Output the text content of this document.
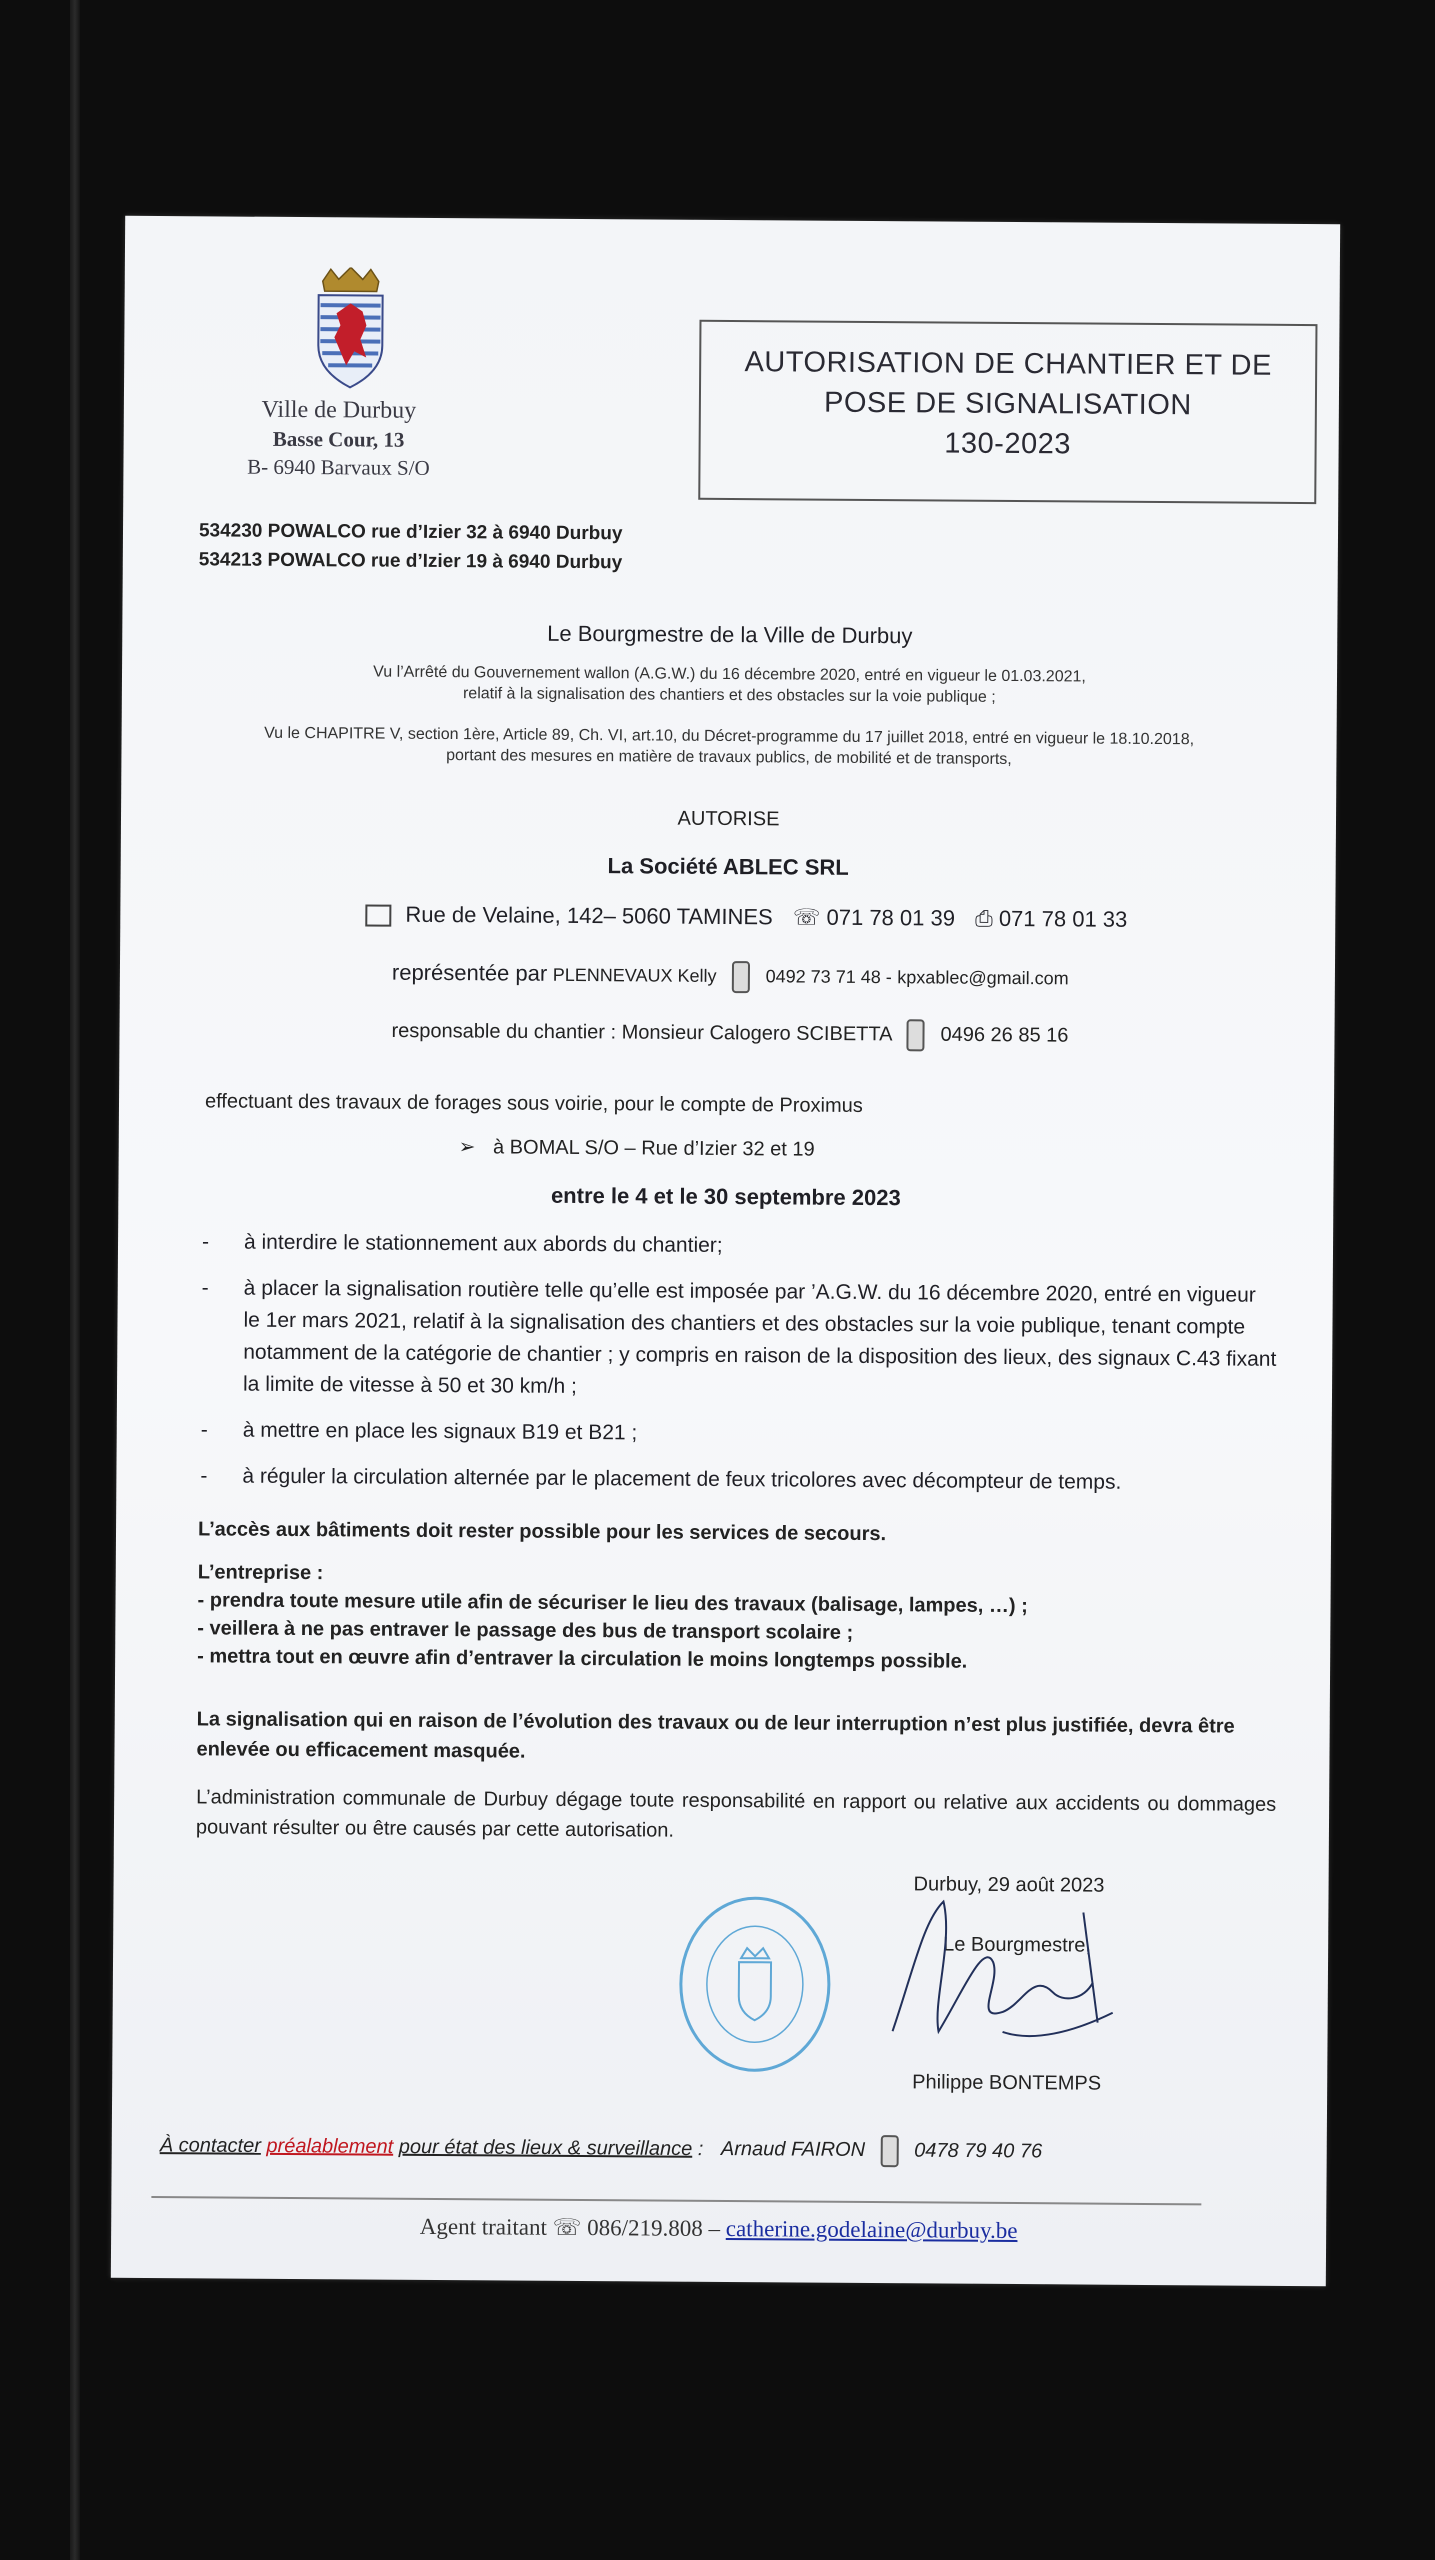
Ville de Durbuy
Basse Cour, 13
B- 6940 Barvaux S/O
AUTORISATION DE CHANTIER ET DE
POSE DE SIGNALISATION
130-2023
534230 POWALCO rue d’Izier 32 à 6940 Durbuy
534213 POWALCO rue d’Izier 19 à 6940 Durbuy
Le Bourgmestre de la Ville de Durbuy
Vu l’Arrêté du Gouvernement wallon (A.G.W.) du 16 décembre 2020, entré en vigueur le 01.03.2021,
relatif à la signalisation des chantiers et des obstacles sur la voie publique ;
Vu le CHAPITRE V, section 1ère, Article 89, Ch. VI, art.10, du Décret-programme du 17 juillet 2018, entré en vigueur le 18.10.2018,
portant des mesures en matière de travaux publics, de mobilité et de transports,
AUTORISE
La Société ABLEC SRL
Rue de Velaine, 142– 5060 TAMINES ☏ 071 78 01 39 ⎙ 071 78 01 33
représentée par PLENNEVAUX Kelly	0492 73 71 48 - kpxablec@gmail.com
responsable du chantier : Monsieur Calogero SCIBETTA 0496 26 85 16
effectuant des travaux de forages sous voirie, pour le compte de Proximus
➢ à BOMAL S/O – Rue d’Izier 32 et 19
entre le 4 et le 30 septembre 2023
- à interdire le stationnement aux abords du chantier;
- à placer la signalisation routière telle qu’elle est imposée par ’A.G.W. du 16 décembre 2020, entré en vigueur le 1er mars 2021, relatif à la signalisation des chantiers et des obstacles sur la voie publique, tenant compte notamment de la catégorie de chantier ; y compris en raison de la disposition des lieux, des signaux C.43 fixant la limite de vitesse à 50 et 30 km/h ;
- à mettre en place les signaux B19 et B21 ;
- à réguler la circulation alternée par le placement de feux tricolores avec décompteur de temps.
L’accès aux bâtiments doit rester possible pour les services de secours.
L’entreprise :
- prendra toute mesure utile afin de sécuriser le lieu des travaux (balisage, lampes, …) ;
- veillera à ne pas entraver le passage des bus de transport scolaire ;
- mettra tout en œuvre afin d’entraver la circulation le moins longtemps possible.
La signalisation qui en raison de l’évolution des travaux ou de leur interruption n’est plus justifiée, devra être enlevée ou efficacement masquée.
L’administration communale de Durbuy dégage toute responsabilité en rapport ou relative aux accidents ou dommages pouvant résulter ou être causés par cette autorisation.
Durbuy, 29 août 2023
Le Bourgmestre,
Philippe BONTEMPS
À contacter préalablement pour état des lieux & surveillance : Arnaud FAIRON 0478 79 40 76
Agent traitant ☏ 086/219.808 – catherine.godelaine@durbuy.be
